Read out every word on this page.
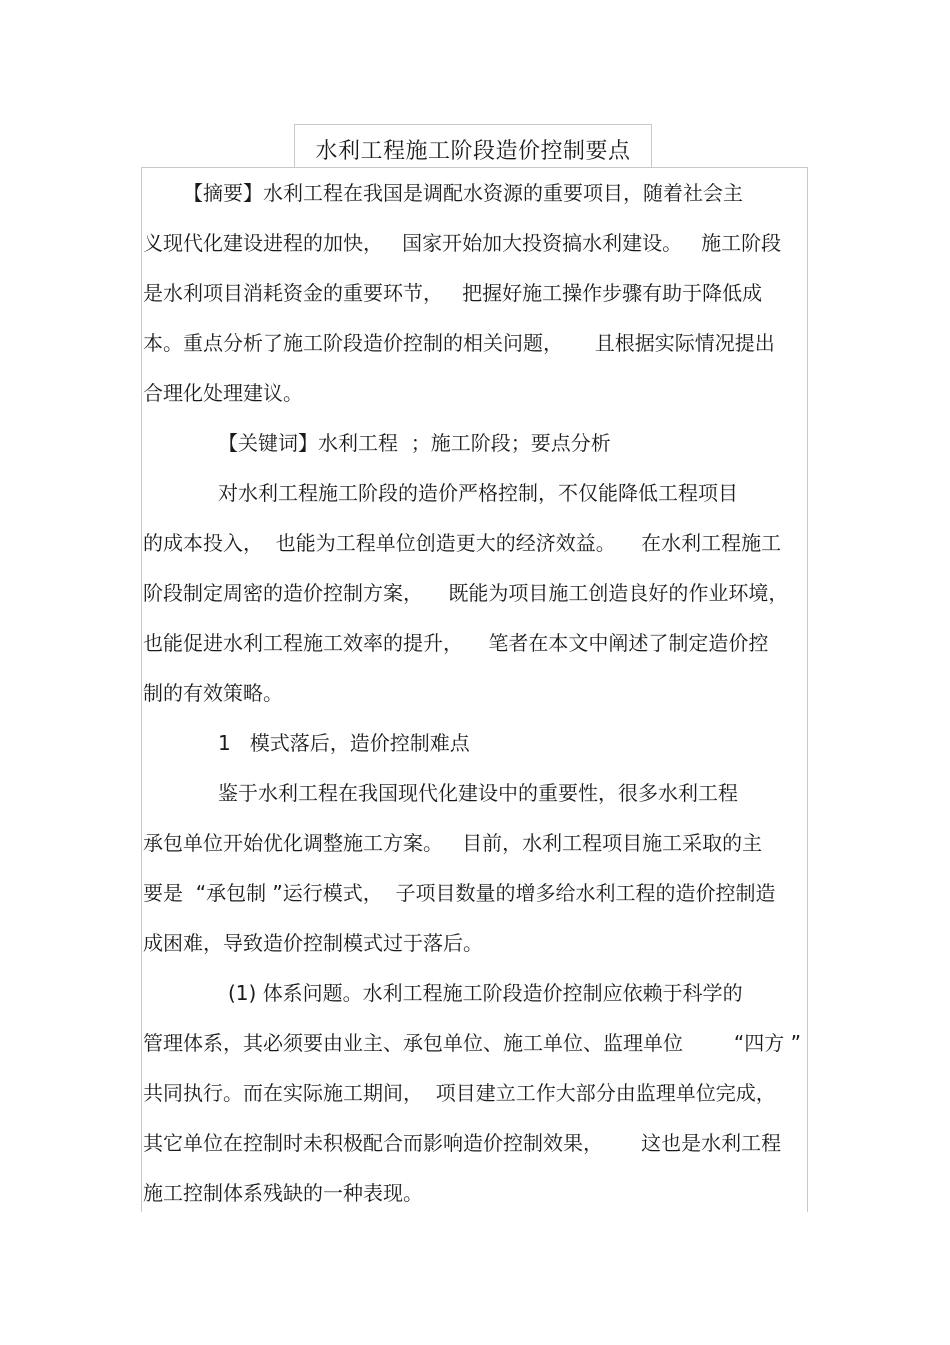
水利工程施工阶段造价控制要点
【摘要】水利工程在我国是调配水资源的重要项目，随着社会主
义现代化建设进程的加快，   国家开始加大投资搞水利建设。   施工阶段
是水利项目消耗资金的重要环节，   把握好施工操作步骤有助于降低成
本。重点分析了施工阶段造价控制的相关问题，     且根据实际情况提出
合理化处理建议。
【关键词】水利工程  ；施工阶段；要点分析
对水利工程施工阶段的造价严格控制，不仅能降低工程项目
的成本投入，  也能为工程单位创造更大的经济效益。    在水利工程施工
阶段制定周密的造价控制方案，    既能为项目施工创造良好的作业环境，
也能促进水利工程施工效率的提升，    笔者在本文中阐述了制定造价控
制的有效策略。
1   模式落后，造价控制难点
鉴于水利工程在我国现代化建设中的重要性，很多水利工程
承包单位开始优化调整施工方案。   目前，水利工程项目施工采取的主
要是  “承包制 ”运行模式，  子项目数量的增多给水利工程的造价控制造
成困难，导致造价控制模式过于落后。
(1) 体系问题。水利工程施工阶段造价控制应依赖于科学的
管理体系，其必须要由业主、承包单位、施工单位、监理单位        “四方 ”
共同执行。而在实际施工期间，  项目建立工作大部分由监理单位完成，
其它单位在控制时未积极配合而影响造价控制效果，      这也是水利工程
施工控制体系残缺的一种表现。
